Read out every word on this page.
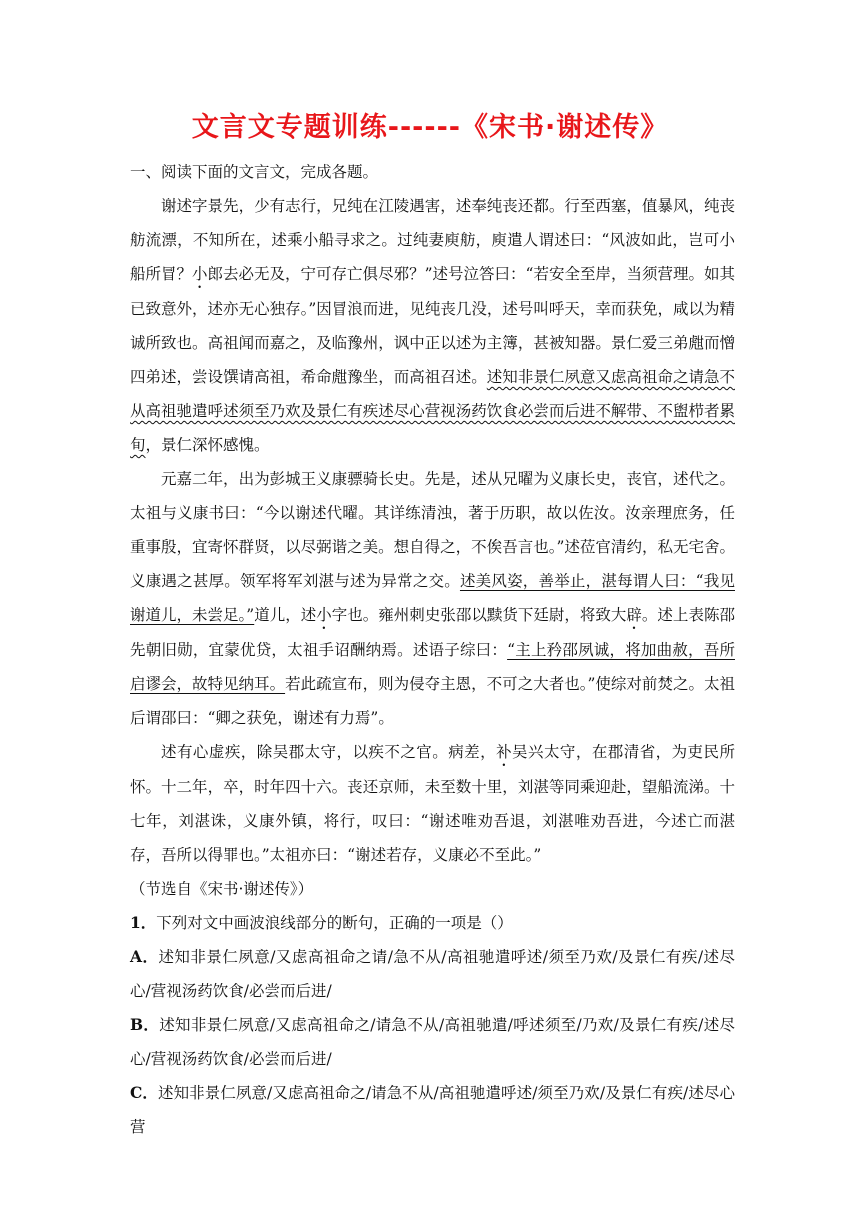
文言文专题训练------《宋书·谢述传》

一、阅读下面的文言文，完成各题。

谢述字景先，少有志行，兄纯在江陵遇害，述奉纯丧还都。行至西塞，值暴风，纯丧舫流漂，不知所在，述乘小船寻求之。过纯妻庾舫，庾遣人谓述曰：“风波如此，岂可小船所冒？小郎去必无及，宁可存亡俱尽邪？”述号泣答曰：“若安全至岸，当须营理。如其已致意外，述亦无心独存。”因冒浪而进，见纯丧几没，述号叫呼天，幸而获免，咸以为精诚所致也。高祖闻而嘉之，及临豫州，讽中正以述为主簿，甚被知器。景仁爱三弟甝而憎四弟述，尝设馔请高祖，希命甝豫坐，而高祖召述。述知非景仁夙意又虑高祖命之请急不从高祖驰遣呼述须至乃欢及景仁有疾述尽心营视汤药饮食必尝而后进不解带、不盥栉者累旬，景仁深怀感愧。

元嘉二年，出为彭城王义康骠骑长史。先是，述从兄曜为义康长史，丧官，述代之。太祖与义康书曰：“今以谢述代曜。其详练清浊，著于历职，故以佐汝。汝亲理庶务，任重事殷，宜寄怀群贤，以尽弼谐之美。想自得之，不俟吾言也。”述莅官清约，私无宅舍。义康遇之甚厚。领军将军刘湛与述为异常之交。述美风姿，善举止，湛每谓人曰：“我见谢道儿，未尝足。”道儿，述小字也。雍州刺史张邵以黩货下廷尉，将致大辟。述上表陈邵先朝旧勋，宜蒙优贷，太祖手诏酬纳焉。述语子综曰：“主上矜邵夙诚，将加曲赦，吾所启谬会，故特见纳耳。若此疏宣布，则为侵夺主恩，不可之大者也。”使综对前焚之。太祖后谓邵曰：“卿之获免，谢述有力焉”。

述有心虚疾，除吴郡太守，以疾不之官。病差，补吴兴太守，在郡清省，为吏民所怀。十二年，卒，时年四十六。丧还京师，未至数十里，刘湛等同乘迎赴，望船流涕。十七年，刘湛诛，义康外镇，将行，叹曰：“谢述唯劝吾退，刘湛唯劝吾进，今述亡而湛存，吾所以得罪也。”太祖亦曰：“谢述若存，义康必不至此。”

（节选自《宋书·谢述传》）

1．下列对文中画波浪线部分的断句，正确的一项是（）

A．述知非景仁夙意/又虑高祖命之请/急不从/高祖驰遣呼述/须至乃欢/及景仁有疾/述尽心/营视汤药饮食/必尝而后进/

B．述知非景仁夙意/又虑高祖命之/请急不从/高祖驰遣/呼述须至/乃欢/及景仁有疾/述尽心/营视汤药饮食/必尝而后进/

C．述知非景仁夙意/又虑高祖命之/请急不从/高祖驰遣呼述/须至乃欢/及景仁有疾/述尽心营
